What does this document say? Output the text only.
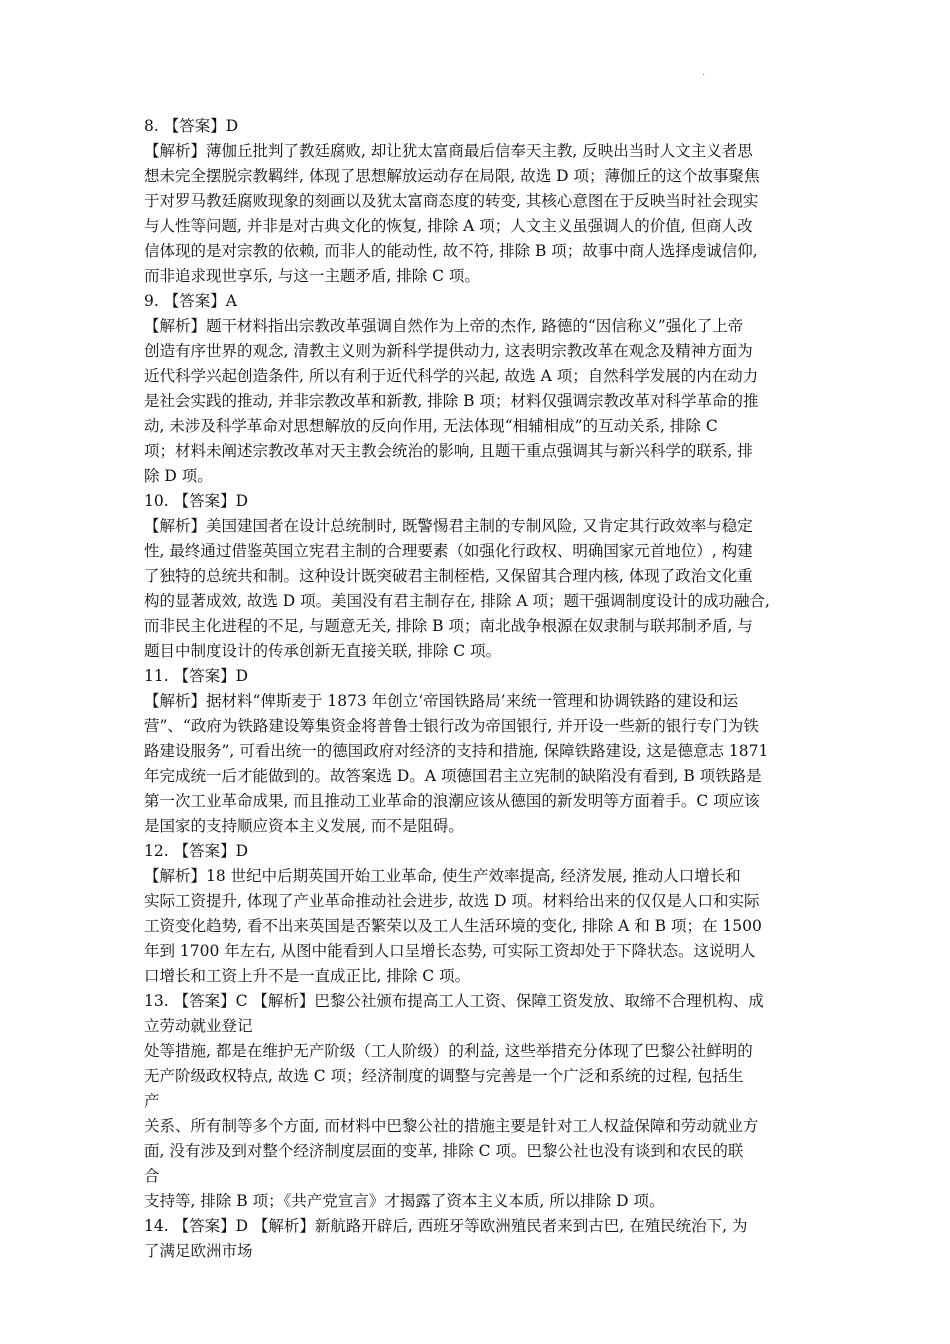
·
8. 【答案】D
【解析】薄伽丘批判了教廷腐败, 却让犹太富商最后信奉天主教, 反映出当时人文主义者思
想未完全摆脱宗教羁绊, 体现了思想解放运动存在局限, 故选 D 项；薄伽丘的这个故事聚焦
于对罗马教廷腐败现象的刻画以及犹太富商态度的转变, 其核心意图在于反映当时社会现实
与人性等问题, 并非是对古典文化的恢复, 排除 A 项；人文主义虽强调人的价值, 但商人改
信体现的是对宗教的依赖, 而非人的能动性, 故不符, 排除 B 项；故事中商人选择虔诚信仰,
而非追求现世享乐, 与这一主题矛盾, 排除 C 项。
9. 【答案】A
【解析】题干材料指出宗教改革强调自然作为上帝的杰作, 路德的“因信称义”强化了上帝
创造有序世界的观念, 清教主义则为新科学提供动力, 这表明宗教改革在观念及精神方面为
近代科学兴起创造条件, 所以有利于近代科学的兴起, 故选 A 项；自然科学发展的内在动力
是社会实践的推动, 并非宗教改革和新教, 排除 B 项；材料仅强调宗教改革对科学革命的推
动, 未涉及科学革命对思想解放的反向作用, 无法体现“相辅相成”的互动关系, 排除 C
项；材料未阐述宗教改革对天主教会统治的影响, 且题干重点强调其与新兴科学的联系, 排
除 D 项。
10. 【答案】D
【解析】美国建国者在设计总统制时, 既警惕君主制的专制风险, 又肯定其行政效率与稳定
性, 最终通过借鉴英国立宪君主制的合理要素（如强化行政权、明确国家元首地位）, 构建
了独特的总统共和制。这种设计既突破君主制桎梏, 又保留其合理内核, 体现了政治文化重
构的显著成效, 故选 D 项。美国没有君主制存在, 排除 A 项；题干强调制度设计的成功融合,
而非民主化进程的不足, 与题意无关, 排除 B 项；南北战争根源在奴隶制与联邦制矛盾, 与
题目中制度设计的传承创新无直接关联, 排除 C 项。
11. 【答案】D
【解析】据材料“俾斯麦于 1873 年创立‘帝国铁路局’来统一管理和协调铁路的建设和运
营”、“政府为铁路建设筹集资金将普鲁士银行改为帝国银行, 并开设一些新的银行专门为铁
路建设服务”, 可看出统一的德国政府对经济的支持和措施, 保障铁路建设, 这是德意志 1871
年完成统一后才能做到的。故答案选 D。A 项德国君主立宪制的缺陷没有看到, B 项铁路是
第一次工业革命成果, 而且推动工业革命的浪潮应该从德国的新发明等方面着手。C 项应该
是国家的支持顺应资本主义发展, 而不是阻碍。
12. 【答案】D
【解析】18 世纪中后期英国开始工业革命, 使生产效率提高, 经济发展, 推动人口增长和
实际工资提升, 体现了产业革命推动社会进步, 故选 D 项。材料给出来的仅仅是人口和实际
工资变化趋势, 看不出来英国是否繁荣以及工人生活环境的变化, 排除 A 和 B 项；在 1500
年到 1700 年左右, 从图中能看到人口呈增长态势, 可实际工资却处于下降状态。这说明人
口增长和工资上升不是一直成正比, 排除 C 项。
13. 【答案】C 【解析】巴黎公社颁布提高工人工资、保障工资发放、取缔不合理机构、成
立劳动就业登记
处等措施, 都是在维护无产阶级（工人阶级）的利益, 这些举措充分体现了巴黎公社鲜明的
无产阶级政权特点, 故选 C 项；经济制度的调整与完善是一个广泛和系统的过程, 包括生
产
关系、所有制等多个方面, 而材料中巴黎公社的措施主要是针对工人权益保障和劳动就业方
面, 没有涉及到对整个经济制度层面的变革, 排除 C 项。巴黎公社也没有谈到和农民的联
合
支持等, 排除 B 项；《共产党宣言》才揭露了资本主义本质, 所以排除 D 项。
14. 【答案】D 【解析】新航路开辟后, 西班牙等欧洲殖民者来到古巴, 在殖民统治下, 为
了满足欧洲市场
